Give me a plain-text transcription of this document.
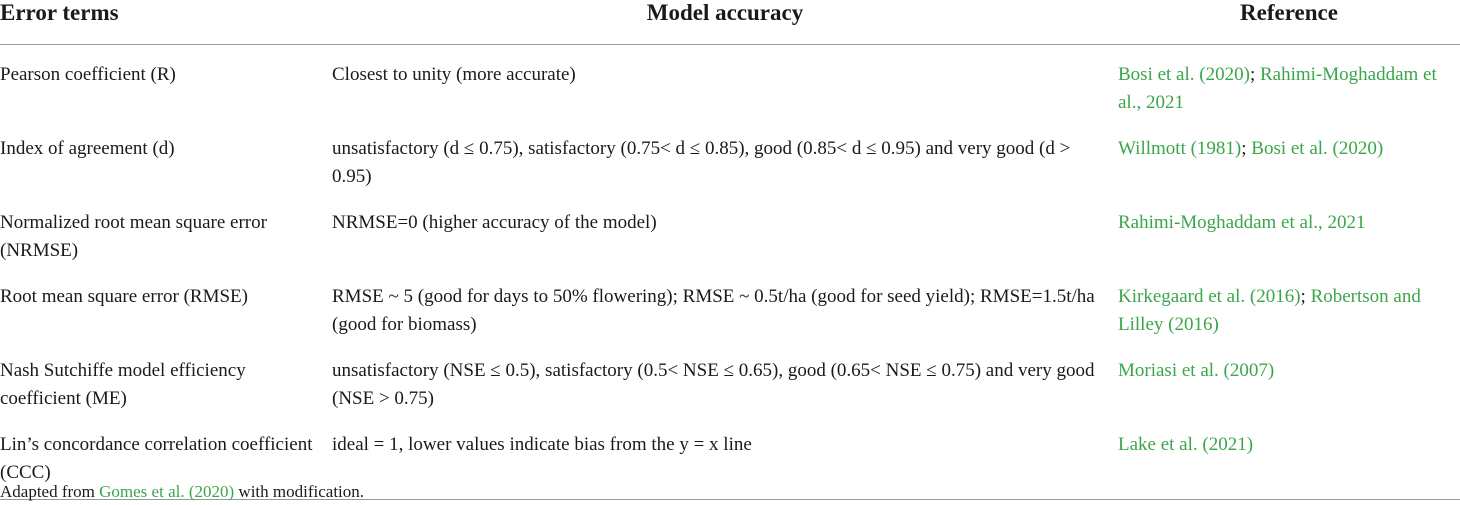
Error terms	Model accuracy	Reference
Pearson coefficient (R)	Closest to unity (more accurate)	Bosi et al. (2020); Rahimi-Moghaddam et al., 2021
Index of agreement (d)	unsatisfactory (d ≤ 0.75), satisfactory (0.75< d ≤ 0.85), good (0.85< d ≤ 0.95) and very good (d > 0.95)	Willmott (1981); Bosi et al. (2020)
Normalized root mean square error (NRMSE)	NRMSE=0 (higher accuracy of the model)	Rahimi-Moghaddam et al., 2021
Root mean square error (RMSE)	RMSE ~ 5 (good for days to 50% flowering); RMSE ~ 0.5t/ha (good for seed yield); RMSE=1.5t/ha (good for biomass)	Kirkegaard et al. (2016); Robertson and Lilley (2016)
Nash Sutchiffe model efficiency coefficient (ME)	unsatisfactory (NSE ≤ 0.5), satisfactory (0.5< NSE ≤ 0.65), good (0.65< NSE ≤ 0.75) and very good (NSE > 0.75)	Moriasi et al. (2007)
Lin’s concordance correlation coefficient (CCC)	ideal = 1, lower values indicate bias from the y = x line	Lake et al. (2021)
Adapted from Gomes et al. (2020) with modification.
